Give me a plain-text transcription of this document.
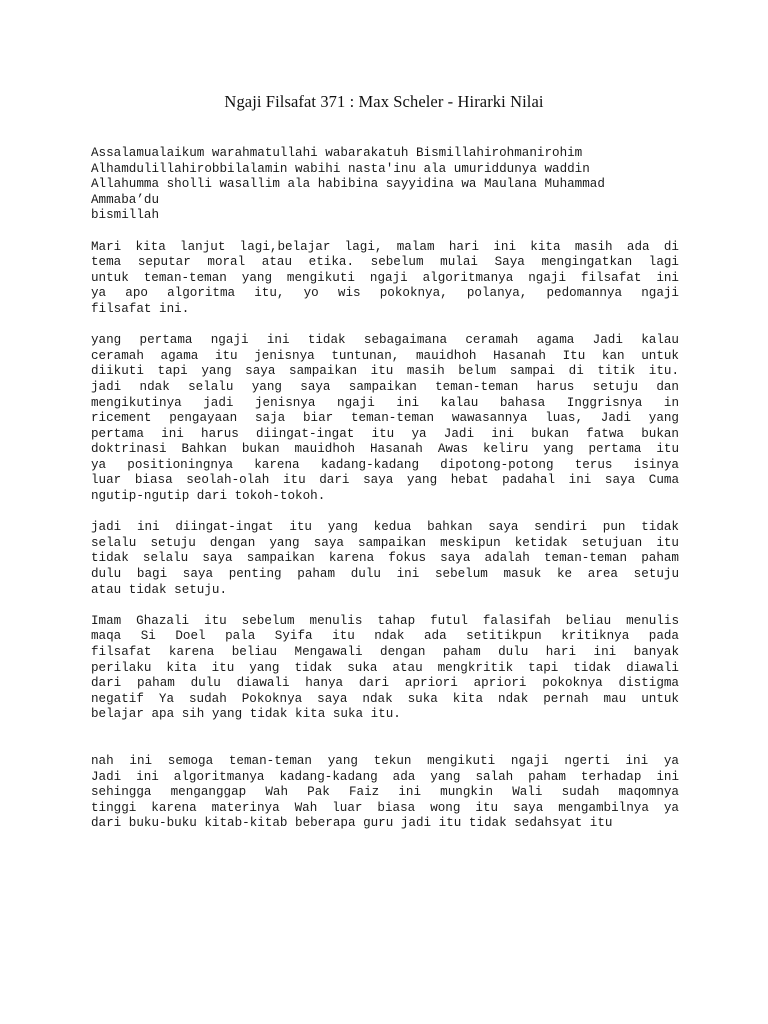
Ngaji Filsafat 371 : Max Scheler - Hirarki Nilai
Assalamualaikum warahmatullahi wabarakatuh Bismillahirohmanirohim
Alhamdulillahirobbilalamin wabihi nasta'inu ala umuriddunya waddin
Allahumma sholli wasallim ala habibina sayyidina wa Maulana Muhammad
Ammaba’du
bismillah
Mari kita lanjut lagi,belajar lagi, malam hari ini kita masih ada di
tema seputar moral atau etika. sebelum mulai Saya mengingatkan lagi
untuk teman-teman yang mengikuti ngaji algoritmanya ngaji filsafat ini
ya apo algoritma itu, yo wis pokoknya, polanya, pedomannya ngaji
filsafat ini.
yang pertama ngaji ini tidak sebagaimana ceramah agama Jadi kalau
ceramah agama itu jenisnya tuntunan, mauidhoh Hasanah Itu kan untuk
diikuti tapi yang saya sampaikan itu masih belum sampai di titik itu.
jadi ndak selalu yang saya sampaikan teman-teman harus setuju dan
mengikutinya jadi jenisnya ngaji ini kalau bahasa Inggrisnya in
ricement pengayaan saja biar teman-teman wawasannya luas, Jadi yang
pertama ini harus diingat-ingat itu ya Jadi ini bukan fatwa bukan
doktrinasi Bahkan bukan mauidhoh Hasanah Awas keliru yang pertama itu
ya positioningnya karena kadang-kadang dipotong-potong terus isinya
luar biasa seolah-olah itu dari saya yang hebat padahal ini saya Cuma
ngutip-ngutip dari tokoh-tokoh.
jadi ini diingat-ingat itu yang kedua bahkan saya sendiri pun tidak
selalu setuju dengan yang saya sampaikan meskipun ketidak setujuan itu
tidak selalu saya sampaikan karena fokus saya adalah teman-teman paham
dulu bagi saya penting paham dulu ini sebelum masuk ke area setuju
atau tidak setuju.
Imam Ghazali itu sebelum menulis tahap futul falasifah beliau menulis
maqa Si Doel pala Syifa itu ndak ada setitikpun kritiknya pada
filsafat karena beliau Mengawali dengan paham dulu hari ini banyak
perilaku kita itu yang tidak suka atau mengkritik tapi tidak diawali
dari paham dulu diawali hanya dari apriori apriori pokoknya distigma
negatif Ya sudah Pokoknya saya ndak suka kita ndak pernah mau untuk
belajar apa sih yang tidak kita suka itu.
nah ini semoga teman-teman yang tekun mengikuti ngaji ngerti ini ya
Jadi ini algoritmanya kadang-kadang ada yang salah paham terhadap ini
sehingga menganggap Wah Pak Faiz ini mungkin Wali sudah maqomnya
tinggi karena materinya Wah luar biasa wong itu saya mengambilnya ya
dari buku-buku kitab-kitab beberapa guru jadi itu tidak sedahsyat itu
